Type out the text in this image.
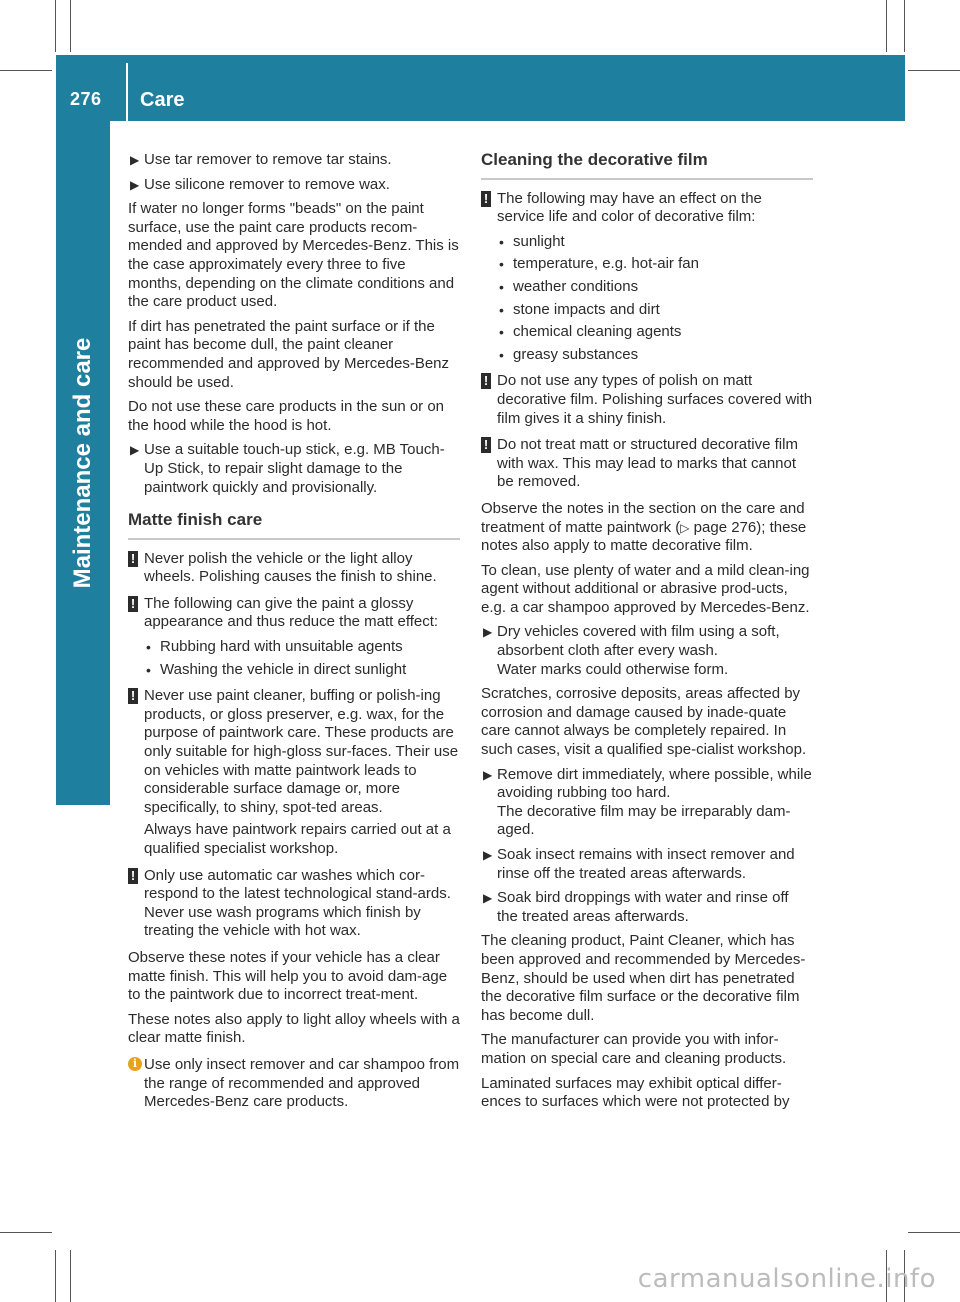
276 Care
Maintenance and care
▶ Use tar remover to remove tar stains.
▶ Use silicone remover to remove wax.

If water no longer forms "beads" on the paint surface, use the paint care products recom-mended and approved by Mercedes-Benz. This is the case approximately every three to five months, depending on the climate conditions and the care product used.

If dirt has penetrated the paint surface or if the paint has become dull, the paint cleaner recommended and approved by Mercedes-Benz should be used.

Do not use these care products in the sun or on the hood while the hood is hot.

▶ Use a suitable touch-up stick, e.g. MB Touch-Up Stick, to repair slight damage to the paintwork quickly and provisionally.
Matte finish care
! Never polish the vehicle or the light alloy wheels. Polishing causes the finish to shine.

! The following can give the paint a glossy appearance and thus reduce the matt effect:

• Rubbing hard with unsuitable agents
• Washing the vehicle in direct sunlight
! Never use paint cleaner, buffing or polish-ing products, or gloss preserver, e.g. wax, for the purpose of paintwork care. These products are only suitable for high-gloss sur-faces. Their use on vehicles with matte paintwork leads to considerable surface damage or, more specifically, to shiny, spot-ted areas.

Always have paintwork repairs carried out at a qualified specialist workshop.

! Only use automatic car washes which cor-respond to the latest technological stand-ards. Never use wash programs which finish by treating the vehicle with hot wax.

Observe these notes if your vehicle has a clear matte finish. This will help you to avoid dam-age to the paintwork due to incorrect treat-ment.

These notes also apply to light alloy wheels with a clear matte finish.

i Use only insect remover and car shampoo from the range of recommended and approved Mercedes-Benz care products.

Cleaning the decorative film
! The following may have an effect on the service life and color of decorative film:

• sunlight
• temperature, e.g. hot-air fan
• weather conditions
• stone impacts and dirt
• chemical cleaning agents
• greasy substances
! Do not use any types of polish on matt decorative film. Polishing surfaces covered with film gives it a shiny finish.

! Do not treat matt or structured decorative film with wax. This may lead to marks that cannot be removed.

Observe the notes in the section on the care and treatment of matte paintwork (▷ page 276); these notes also apply to matte decorative film.

To clean, use plenty of water and a mild clean-ing agent without additional or abrasive prod-ucts, e.g. a car shampoo approved by Mercedes-Benz.

▶ Dry vehicles covered with film using a soft, absorbent cloth after every wash.
Water marks could otherwise form.

Scratches, corrosive deposits, areas affected by corrosion and damage caused by inade-quate care cannot always be completely repaired. In such cases, visit a qualified spe-cialist workshop.

▶ Remove dirt immediately, where possible, while avoiding rubbing too hard.
The decorative film may be irreparably dam-aged.
▶ Soak insect remains with insect remover and rinse off the treated areas afterwards.
▶ Soak bird droppings with water and rinse off the treated areas afterwards.

The cleaning product, Paint Cleaner, which has been approved and recommended by Mercedes-Benz, should be used when dirt has penetrated the decorative film surface or the decorative film has become dull.

The manufacturer can provide you with infor-mation on special care and cleaning products.

Laminated surfaces may exhibit optical differ-ences to surfaces which were not protected by

carmanualsonline.info
